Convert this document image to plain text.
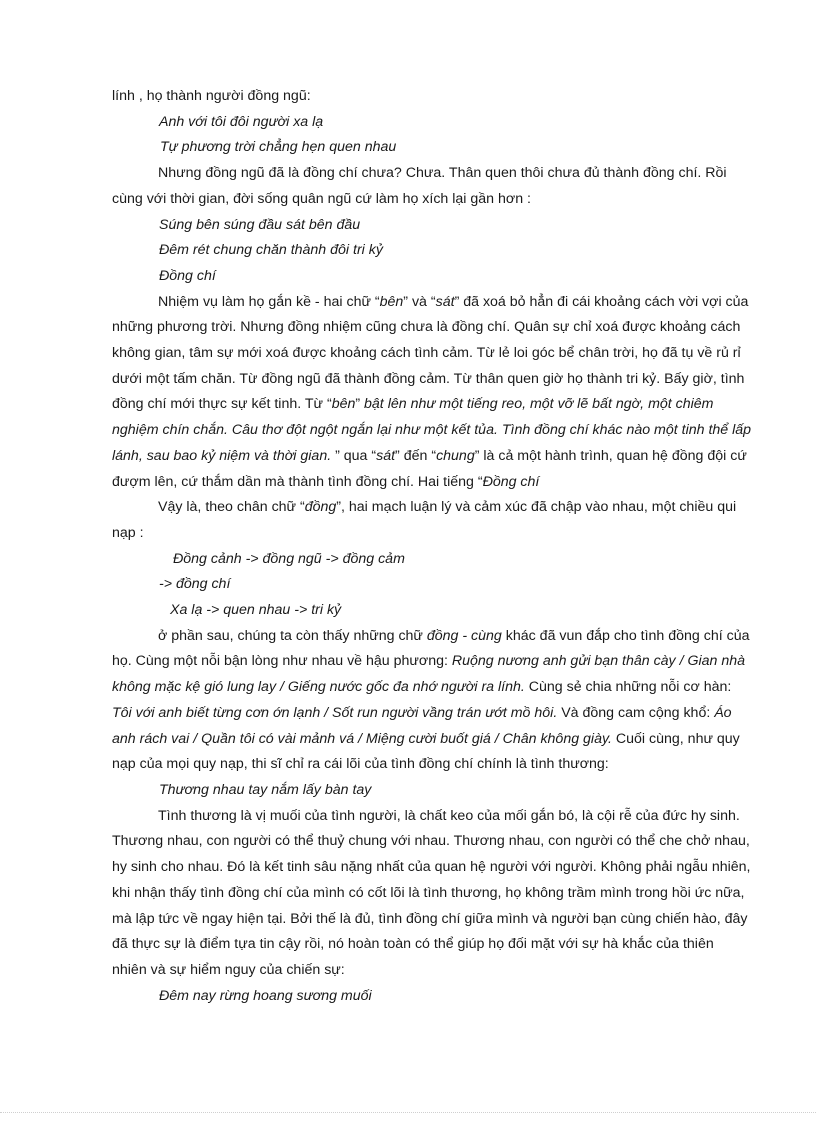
lính , họ thành người đồng ngũ:

Anh với tôi đôi người xa lạ

Tự phương trời chẳng hẹn quen nhau

Nhưng đồng ngũ đã là đồng chí chưa? Chưa. Thân quen thôi chưa đủ thành đồng chí. Rồi cùng với thời gian, đời sống quân ngũ cứ làm họ xích lại gần hơn :

Súng bên súng đầu sát bên đầu

Đêm rét chung chăn thành đôi tri kỷ

Đồng chí

Nhiệm vụ làm họ gắn kề - hai chữ “bên” và “sát” đã xoá bỏ hẳn đi cái khoảng cách vời vợi của những phương trời. Nhưng đồng nhiệm cũng chưa là đồng chí. Quân sự chỉ xoá được khoảng cách không gian, tâm sự mới xoá được khoảng cách tình cảm. Từ lẻ loi góc bể chân trời, họ đã tụ về rủ rỉ dưới một tấm chăn. Từ đồng ngũ đã thành đồng cảm. Từ thân quen giờ họ thành tri kỷ. Bấy giờ, tình đồng chí mới thực sự kết tinh. Từ “bên” bật lên như một tiếng reo, một vỡ lẽ bất ngờ, một chiêm nghiệm chín chắn. Câu thơ đột ngột ngắn lại như một kết tủa. Tình đồng chí khác nào một tinh thể lấp lánh, sau bao kỷ niệm và thời gian. ” qua “sát” đến “chung” là cả một hành trình, quan hệ đồng đội cứ đượm lên, cứ thắm dần mà thành tình đồng chí. Hai tiếng “Đồng chí

Vậy là, theo chân chữ “đồng”, hai mạch luận lý và cảm xúc đã chập vào nhau, một chiều qui nạp :

Đồng cảnh -> đồng ngũ -> đồng cảm

-> đồng chí

Xa lạ -> quen nhau -> tri kỷ

ở phần sau, chúng ta còn thấy những chữ đồng - cùng khác đã vun đắp cho tình đồng chí của họ. Cùng một nỗi bận lòng như nhau về hậu phương: Ruộng nương anh gửi bạn thân cày / Gian nhà không mặc kệ gió lung lay / Giếng nước gốc đa nhớ người ra lính. Cùng sẻ chia những nỗi cơ hàn: Tôi với anh biết từng cơn ớn lạnh / Sốt run người vầng trán ướt mồ hôi. Và đồng cam cộng khổ: Áo anh rách vai / Quần tôi có vài mảnh vá / Miệng cười buốt giá / Chân không giày. Cuối cùng, như quy nạp của mọi quy nạp, thi sĩ chỉ ra cái lõi của tình đồng chí chính là tình thương:

Thương nhau tay nắm lấy bàn tay

Tình thương là vị muối của tình người, là chất keo của mối gắn bó, là cội rễ của đức hy sinh. Thương nhau, con người có thể thuỷ chung với nhau. Thương nhau, con người có thể che chở nhau, hy sinh cho nhau. Đó là kết tinh sâu nặng nhất của quan hệ người với người. Không phải ngẫu nhiên, khi nhận thấy tình đồng chí của mình có cốt lõi là tình thương, họ không trầm mình trong hồi ức nữa, mà lập tức về ngay hiện tại. Bởi thế là đủ, tình đồng chí giữa mình và người bạn cùng chiến hào, đây đã thực sự là điểm tựa tin cậy rồi, nó hoàn toàn có thể giúp họ đối mặt với sự hà khắc của thiên nhiên và sự hiểm nguy của chiến sự:

Đêm nay rừng hoang sương muối
